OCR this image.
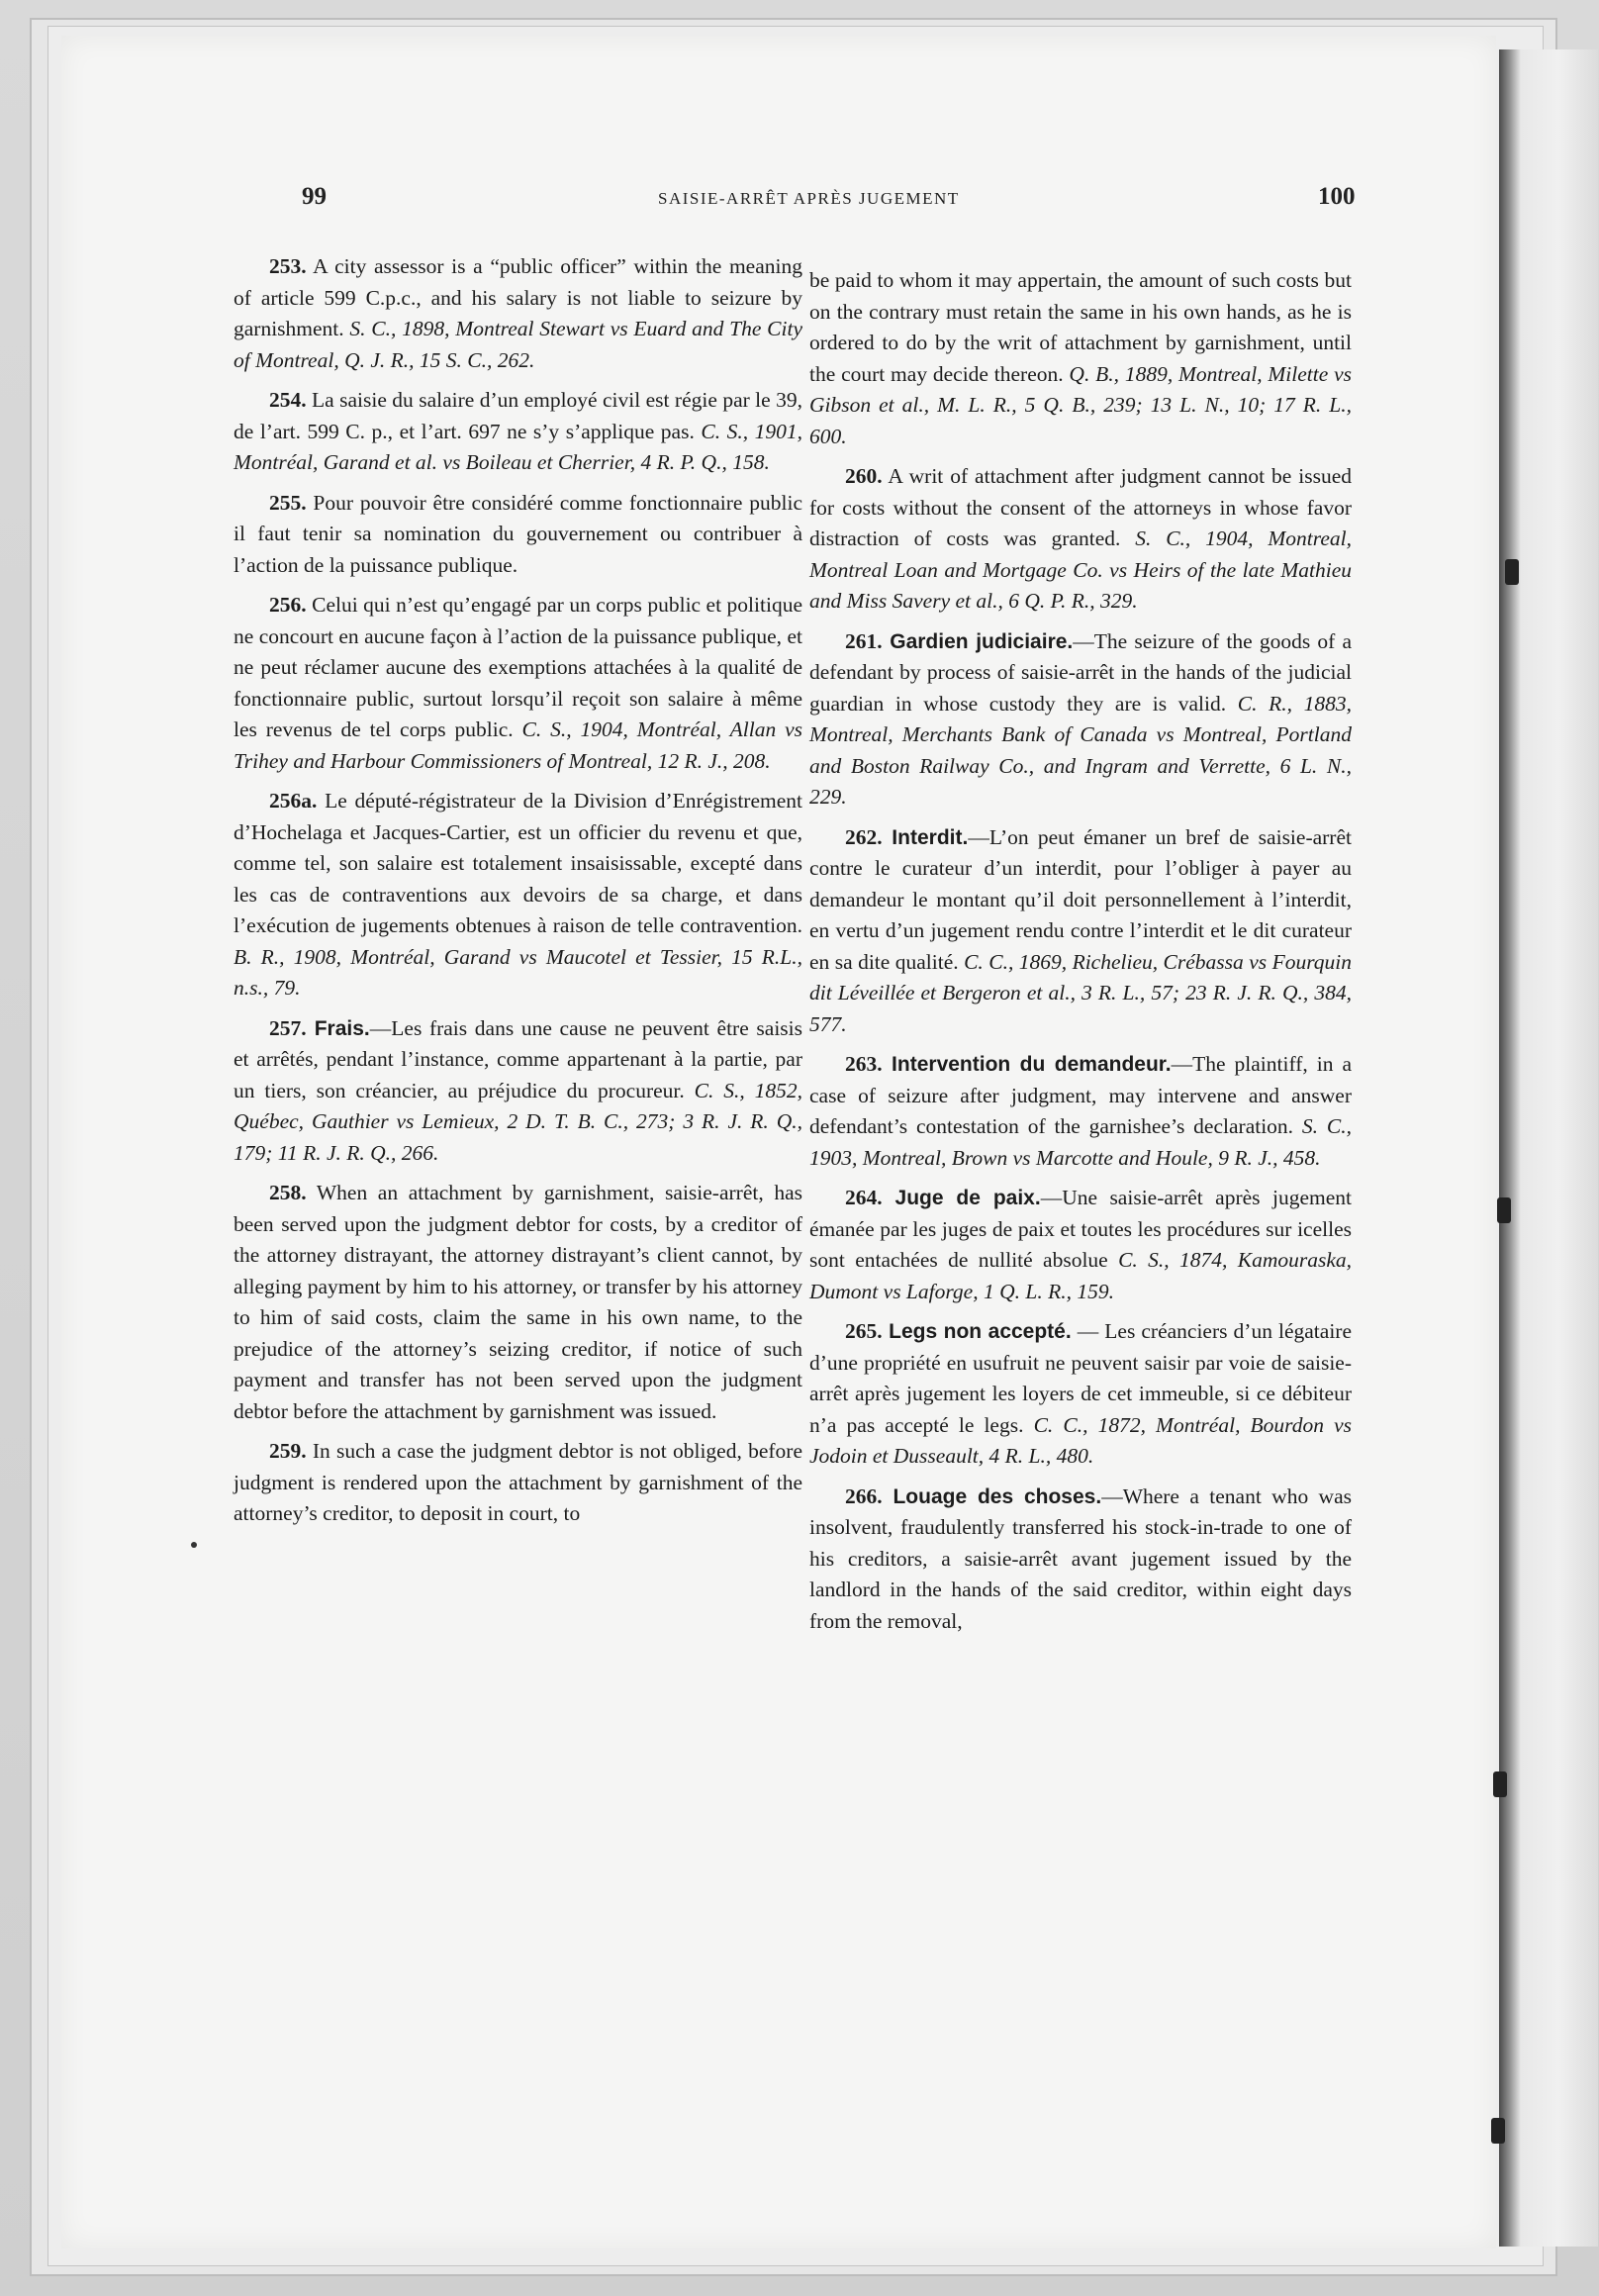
99	SAISIE-ARRÊT APRÈS JUGEMENT	100

253. A city assessor is a “public officer” within the meaning of article 599 C.p.c., and his salary is not liable to seizure by garnishment. S. C., 1898, Montreal Stewart vs Euard and The City of Montreal, Q. J. R., 15 S. C., 262.

254. La saisie du salaire d’un employé civil est régie par le 39, de l’art. 599 C. p., et l’art. 697 ne s’y s’applique pas. C. S., 1901, Montréal, Garand et al. vs Boileau et Cherrier, 4 R. P. Q., 158.

255. Pour pouvoir être considéré comme fonctionnaire public il faut tenir sa nomination du gouvernement ou contribuer à l’action de la puissance publique.

256. Celui qui n’est qu’engagé par un corps public et politique ne concourt en aucune façon à l’action de la puissance publique, et ne peut réclamer aucune des exemptions attachées à la qualité de fonctionnaire public, surtout lorsqu’il reçoit son salaire à même les revenus de tel corps public. C. S., 1904, Montréal, Allan vs Trihey and Harbour Commissioners of Montreal, 12 R. J., 208.

256a. Le député-régistrateur de la Division d’Enrégistrement d’Hochelaga et Jacques-Cartier, est un officier du revenu et que, comme tel, son salaire est totalement insaisissable, excepté dans les cas de contraventions aux devoirs de sa charge, et dans l’exécution de jugements obtenues à raison de telle contravention. B. R., 1908, Montréal, Garand vs Maucotel et Tessier, 15 R.L., n.s., 79.

257. Frais.—Les frais dans une cause ne peuvent être saisis et arrêtés, pendant l’instance, comme appartenant à la partie, par un tiers, son créancier, au préjudice du procureur. C. S., 1852, Québec, Gauthier vs Lemieux, 2 D. T. B. C., 273; 3 R. J. R. Q., 179; 11 R. J. R. Q., 266.

258. When an attachment by garnishment, saisie-arrêt, has been served upon the judgment debtor for costs, by a creditor of the attorney distrayant, the attorney distrayant’s client cannot, by alleging payment by him to his attorney, or transfer by his attorney to him of said costs, claim the same in his own name, to the prejudice of the attorney’s seizing creditor, if notice of such payment and transfer has not been served upon the judgment debtor before the attachment by garnishment was issued.

259. In such a case the judgment debtor is not obliged, before judgment is rendered upon the attachment by garnishment of the attorney’s creditor, to deposit in court, to

be paid to whom it may appertain, the amount of such costs but on the contrary must retain the same in his own hands, as he is ordered to do by the writ of attachment by garnishment, until the court may decide thereon. Q. B., 1889, Montreal, Milette vs Gibson et al., M. L. R., 5 Q. B., 239; 13 L. N., 10; 17 R. L., 600.

260. A writ of attachment after judgment cannot be issued for costs without the consent of the attorneys in whose favor distraction of costs was granted. S. C., 1904, Montreal, Montreal Loan and Mortgage Co. vs Heirs of the late Mathieu and Miss Savery et al., 6 Q. P. R., 329.

261. Gardien judiciaire.—The seizure of the goods of a defendant by process of saisie-arrêt in the hands of the judicial guardian in whose custody they are is valid. C. R., 1883, Montreal, Merchants Bank of Canada vs Montreal, Portland and Boston Railway Co., and Ingram and Verrette, 6 L. N., 229.

262. Interdit.—L’on peut émaner un bref de saisie-arrêt contre le curateur d’un interdit, pour l’obliger à payer au demandeur le montant qu’il doit personnellement à l’interdit, en vertu d’un jugement rendu contre l’interdit et le dit curateur en sa dite qualité. C. C., 1869, Richelieu, Crébassa vs Fourquin dit Léveillée et Bergeron et al., 3 R. L., 57; 23 R. J. R. Q., 384, 577.

263. Intervention du demandeur.—The plaintiff, in a case of seizure after judgment, may intervene and answer defendant’s contestation of the garnishee’s declaration. S. C., 1903, Montreal, Brown vs Marcotte and Houle, 9 R. J., 458.

264. Juge de paix.—Une saisie-arrêt après jugement émanée par les juges de paix et toutes les procédures sur icelles sont entachées de nullité absolue C. S., 1874, Kamouraska, Dumont vs Laforge, 1 Q. L. R., 159.

265. Legs non accepté. — Les créanciers d’un légataire d’une propriété en usufruit ne peuvent saisir par voie de saisie-arrêt après jugement les loyers de cet immeuble, si ce débiteur n’a pas accepté le legs. C. C., 1872, Montréal, Bourdon vs Jodoin et Dusseault, 4 R. L., 480.

266. Louage des choses.—Where a tenant who was insolvent, fraudulently transferred his stock-in-trade to one of his creditors, a saisie-arrêt avant jugement issued by the landlord in the hands of the said creditor, within eight days from the removal,
